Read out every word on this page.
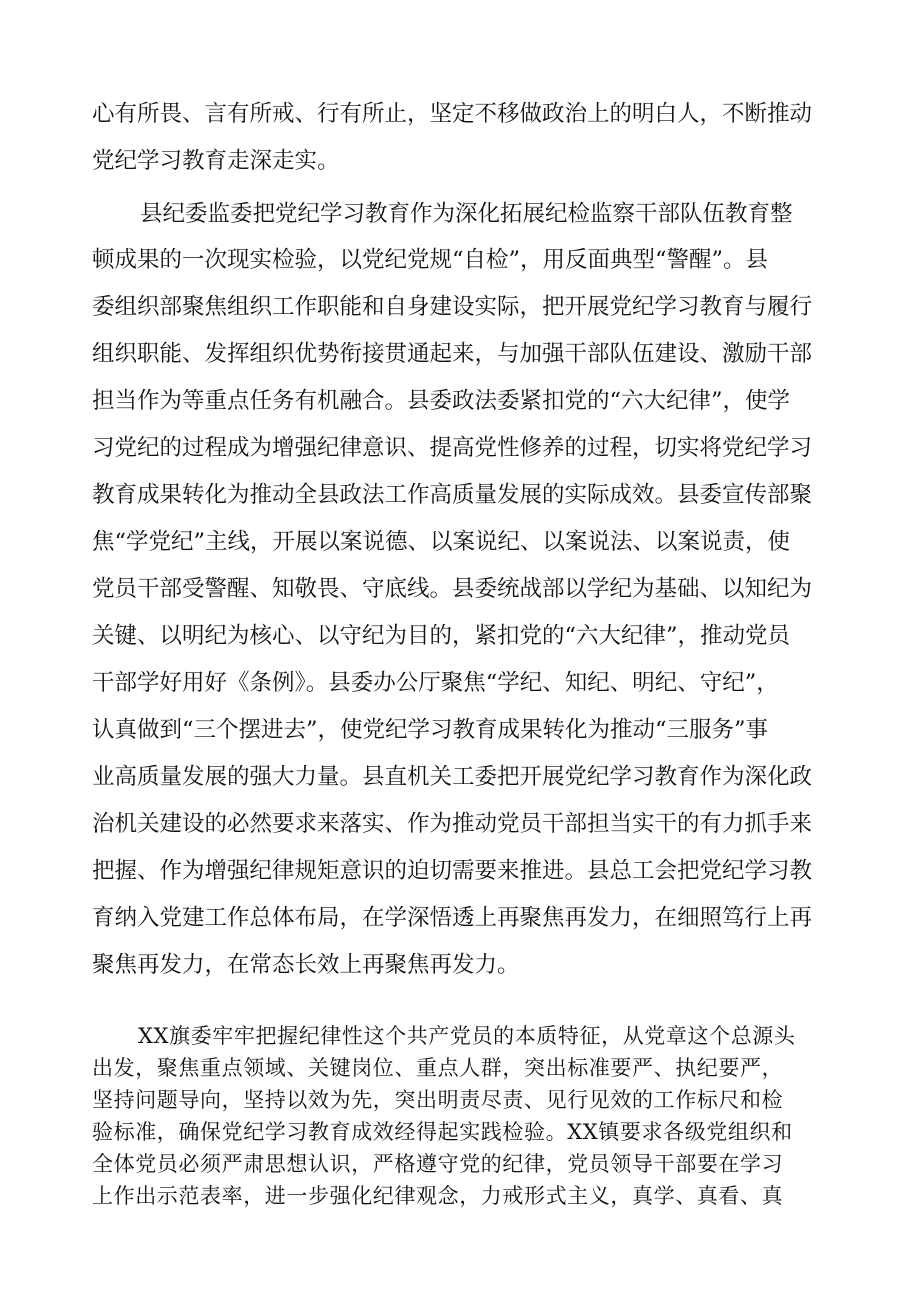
心有所畏、言有所戒、行有所止，坚定不移做政治上的明白人，不断推动
党纪学习教育走深走实。
县纪委监委把党纪学习教育作为深化拓展纪检监察干部队伍教育整
顿成果的一次现实检验，以党纪党规“自检”，用反面典型“警醒”。县
委组织部聚焦组织工作职能和自身建设实际，把开展党纪学习教育与履行
组织职能、发挥组织优势衔接贯通起来，与加强干部队伍建设、激励干部
担当作为等重点任务有机融合。县委政法委紧扣党的“六大纪律”，使学
习党纪的过程成为增强纪律意识、提高党性修养的过程，切实将党纪学习
教育成果转化为推动全县政法工作高质量发展的实际成效。县委宣传部聚
焦“学党纪”主线，开展以案说德、以案说纪、以案说法、以案说责，使
党员干部受警醒、知敬畏、守底线。县委统战部以学纪为基础、以知纪为
关键、以明纪为核心、以守纪为目的，紧扣党的“六大纪律”，推动党员
干部学好用好《条例》。县委办公厅聚焦“学纪、知纪、明纪、守纪”，
认真做到“三个摆进去”，使党纪学习教育成果转化为推动“三服务”事
业高质量发展的强大力量。县直机关工委把开展党纪学习教育作为深化政
治机关建设的必然要求来落实、作为推动党员干部担当实干的有力抓手来
把握、作为增强纪律规矩意识的迫切需要来推进。县总工会把党纪学习教
育纳入党建工作总体布局，在学深悟透上再聚焦再发力，在细照笃行上再
聚焦再发力，在常态长效上再聚焦再发力。
XX旗委牢牢把握纪律性这个共产党员的本质特征，从党章这个总源头
出发，聚焦重点领域、关键岗位、重点人群，突出标准要严、执纪要严，
坚持问题导向，坚持以效为先，突出明责尽责、见行见效的工作标尺和检
验标准，确保党纪学习教育成效经得起实践检验。XX镇要求各级党组织和
全体党员必须严肃思想认识，严格遵守党的纪律，党员领导干部要在学习
上作出示范表率，进一步强化纪律观念，力戒形式主义，真学、真看、真
